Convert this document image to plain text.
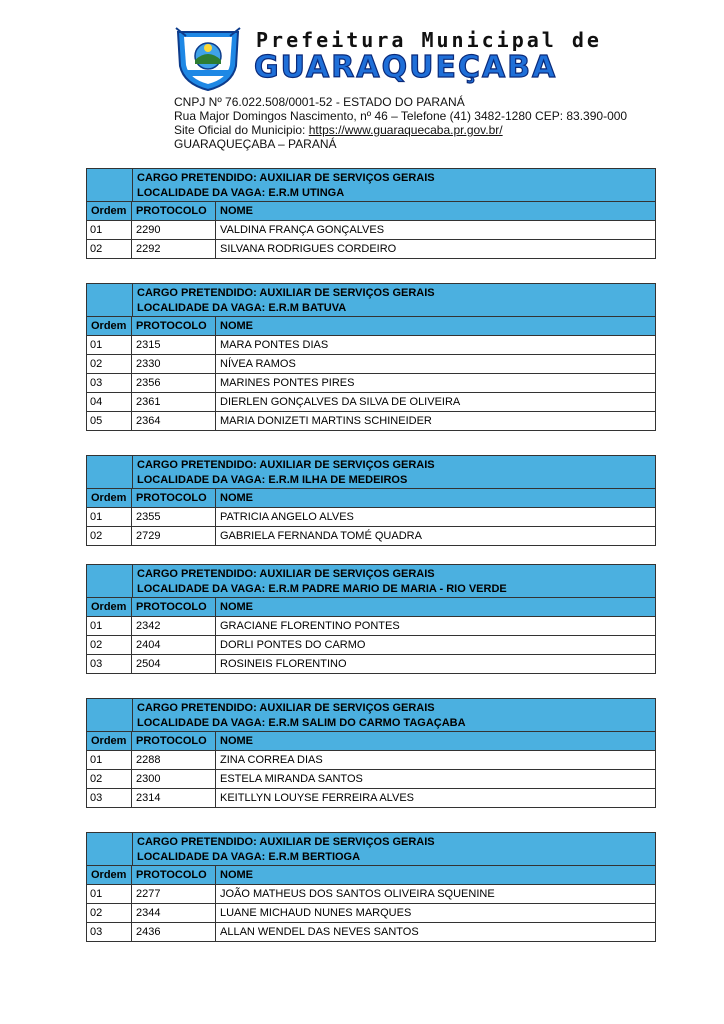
Prefeitura Municipal de
GUARAQUEÇABA
CNPJ Nº 76.022.508/0001-52 - ESTADO DO PARANÁ
Rua Major Domingos Nascimento, nº 46 – Telefone (41) 3482-1280 CEP: 83.390-000
Site Oficial do Municipio: https://www.guaraquecaba.pr.gov.br/
GUARAQUEÇABA – PARANÁ
CARGO PRETENDIDO: AUXILIAR DE SERVIÇOS GERAIS
LOCALIDADE DA VAGA: E.R.M UTINGA
Ordem PROTOCOLO	NOME
01	2290	VALDINA FRANÇA GONÇALVES
02	2292	SILVANA RODRIGUES CORDEIRO
CARGO PRETENDIDO: AUXILIAR DE SERVIÇOS GERAIS
LOCALIDADE DA VAGA: E.R.M BATUVA
Ordem PROTOCOLO	NOME
01	2315	MARA PONTES DIAS
02	2330	NÍVEA RAMOS
03	2356	MARINES PONTES PIRES
04	2361	DIERLEN GONÇALVES DA SILVA DE OLIVEIRA
05	2364	MARIA DONIZETI MARTINS SCHINEIDER
CARGO PRETENDIDO: AUXILIAR DE SERVIÇOS GERAIS
LOCALIDADE DA VAGA: E.R.M ILHA DE MEDEIROS
Ordem PROTOCOLO	NOME
01	2355	PATRICIA ANGELO ALVES
02	2729	GABRIELA FERNANDA TOMÉ QUADRA
CARGO PRETENDIDO: AUXILIAR DE SERVIÇOS GERAIS
LOCALIDADE DA VAGA: E.R.M PADRE MARIO DE MARIA - RIO VERDE
Ordem PROTOCOLO	NOME
01	2342	GRACIANE FLORENTINO PONTES
02	2404	DORLI PONTES DO CARMO
03	2504	ROSINEIS FLORENTINO
CARGO PRETENDIDO: AUXILIAR DE SERVIÇOS GERAIS
LOCALIDADE DA VAGA: E.R.M SALIM DO CARMO TAGAÇABA
Ordem PROTOCOLO	NOME
01	2288	ZINA CORREA DIAS
02	2300	ESTELA MIRANDA SANTOS
03	2314	KEITLLYN LOUYSE FERREIRA ALVES
CARGO PRETENDIDO: AUXILIAR DE SERVIÇOS GERAIS
LOCALIDADE DA VAGA: E.R.M BERTIOGA
Ordem PROTOCOLO	NOME
01	2277	JOÃO MATHEUS DOS SANTOS OLIVEIRA SQUENINE
02	2344	LUANE MICHAUD NUNES MARQUES
03	2436	ALLAN WENDEL DAS NEVES SANTOS
